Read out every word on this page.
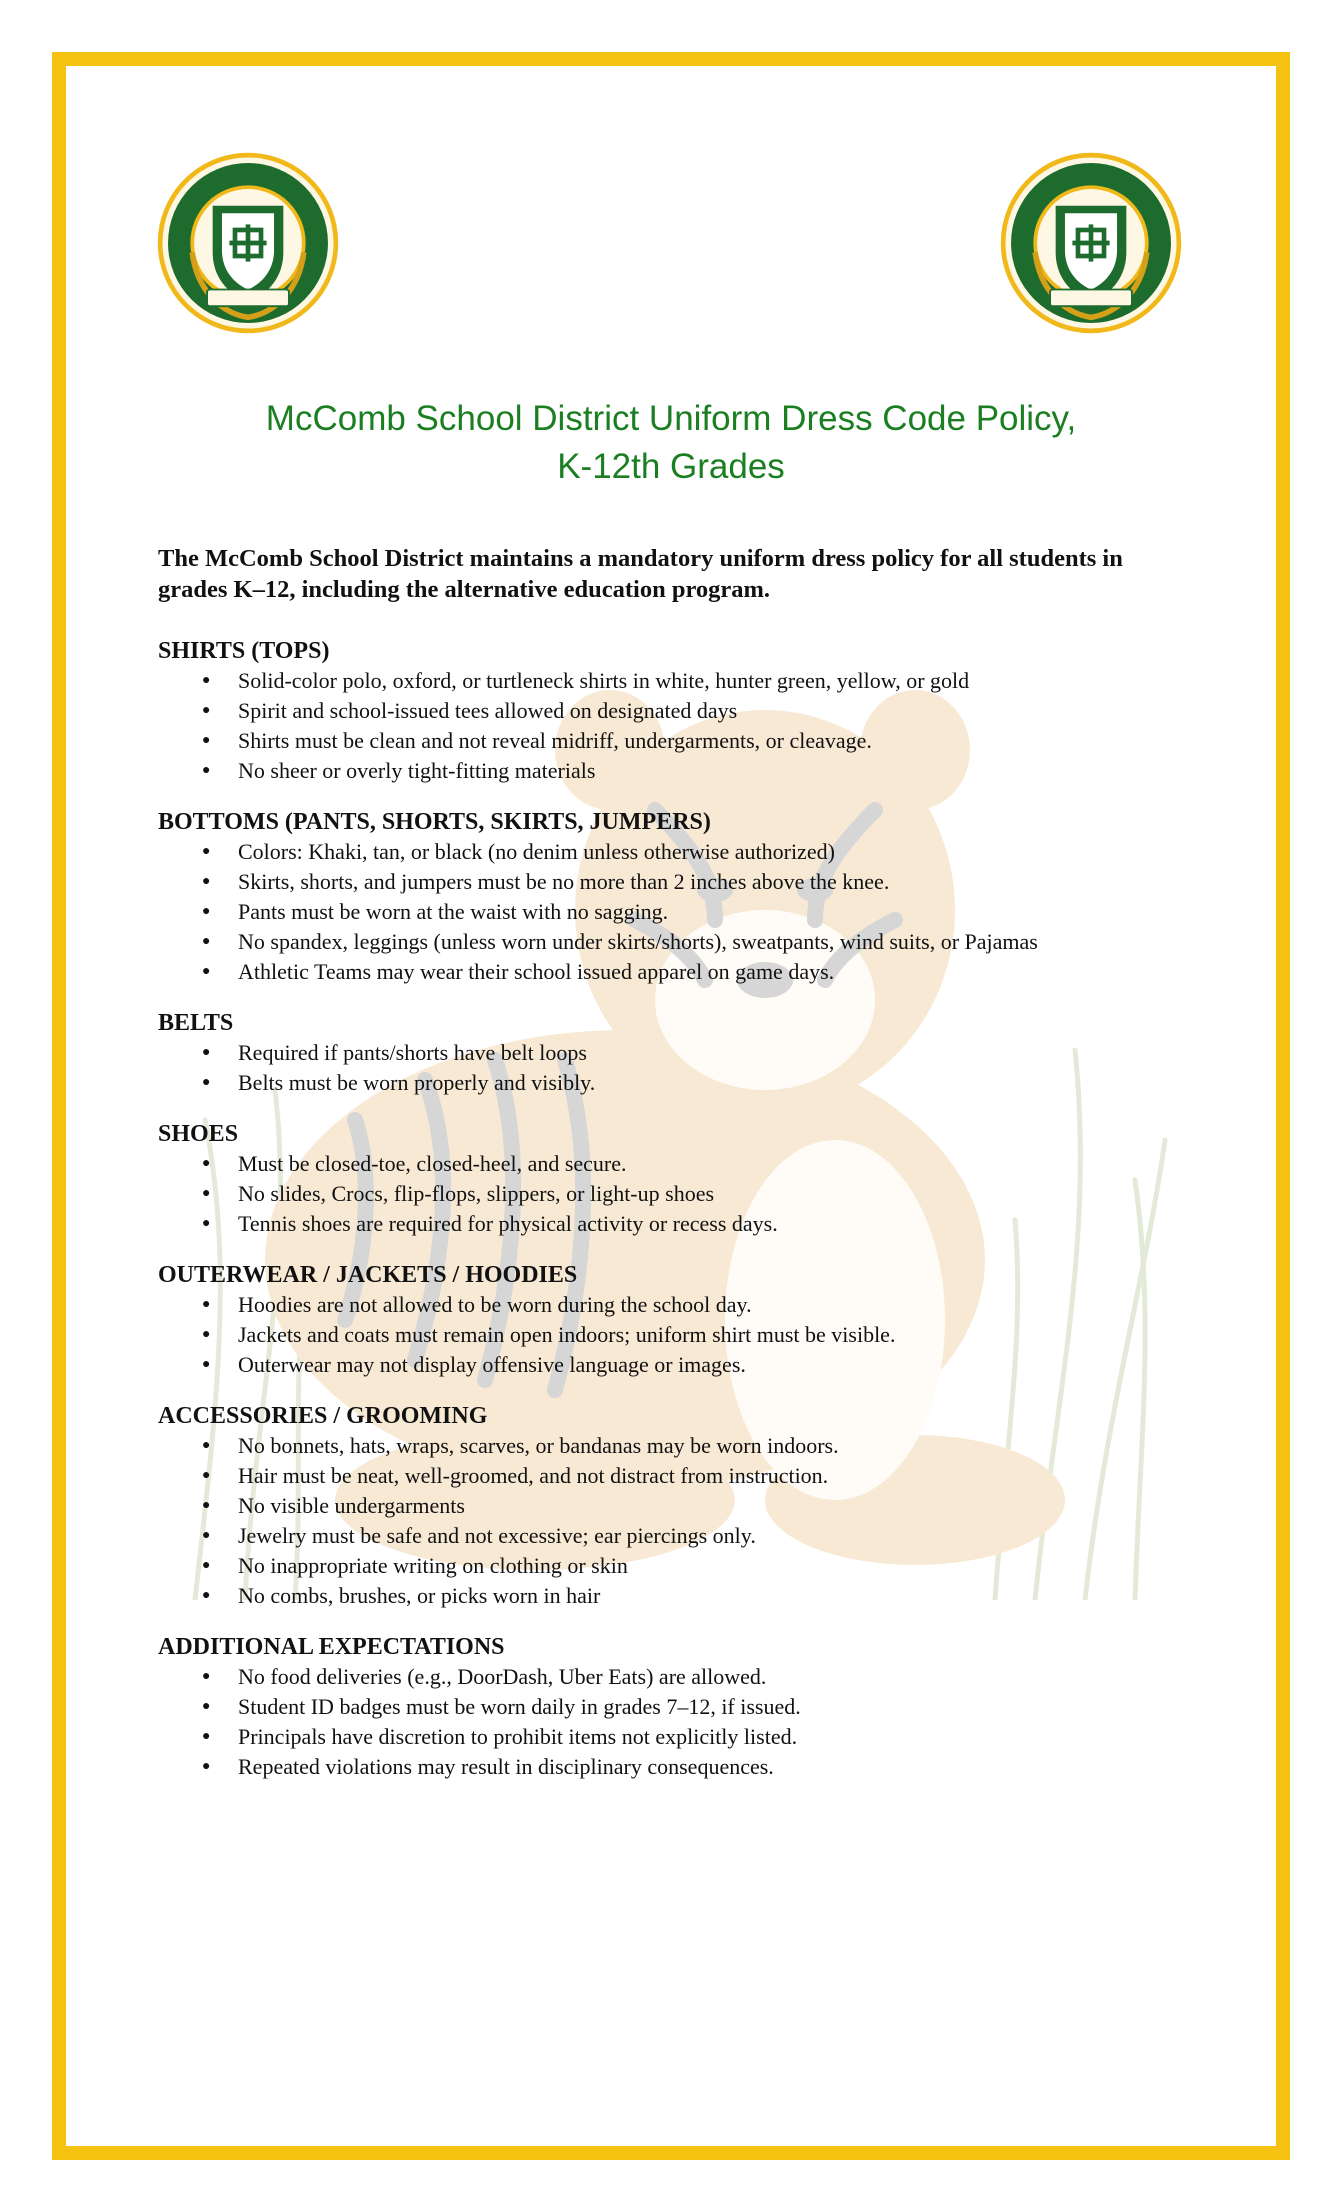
McComb School District Uniform Dress Code Policy,
K-12th Grades
The McComb School District maintains a mandatory uniform dress policy for all students in grades K–12, including the alternative education program.
SHIRTS (TOPS)
● Solid-color polo, oxford, or turtleneck shirts in white, hunter green, yellow, or gold
● Spirit and school-issued tees allowed on designated days
● Shirts must be clean and not reveal midriff, undergarments, or cleavage.
● No sheer or overly tight-fitting materials
BOTTOMS (PANTS, SHORTS, SKIRTS, JUMPERS)
● Colors: Khaki, tan, or black (no denim unless otherwise authorized)
● Skirts, shorts, and jumpers must be no more than 2 inches above the knee.
● Pants must be worn at the waist with no sagging.
● No spandex, leggings (unless worn under skirts/shorts), sweatpants, wind suits, or Pajamas
● Athletic Teams may wear their school issued apparel on game days.
BELTS
● Required if pants/shorts have belt loops
● Belts must be worn properly and visibly.
SHOES
● Must be closed-toe, closed-heel, and secure.
● No slides, Crocs, flip-flops, slippers, or light-up shoes
● Tennis shoes are required for physical activity or recess days.
OUTERWEAR / JACKETS / HOODIES
● Hoodies are not allowed to be worn during the school day.
● Jackets and coats must remain open indoors; uniform shirt must be visible.
● Outerwear may not display offensive language or images.
ACCESSORIES / GROOMING
● No bonnets, hats, wraps, scarves, or bandanas may be worn indoors.
● Hair must be neat, well-groomed, and not distract from instruction.
● No visible undergarments
● Jewelry must be safe and not excessive; ear piercings only.
● No inappropriate writing on clothing or skin
● No combs, brushes, or picks worn in hair
ADDITIONAL EXPECTATIONS
● No food deliveries (e.g., DoorDash, Uber Eats) are allowed.
● Student ID badges must be worn daily in grades 7–12, if issued.
● Principals have discretion to prohibit items not explicitly listed.
● Repeated violations may result in disciplinary consequences.
